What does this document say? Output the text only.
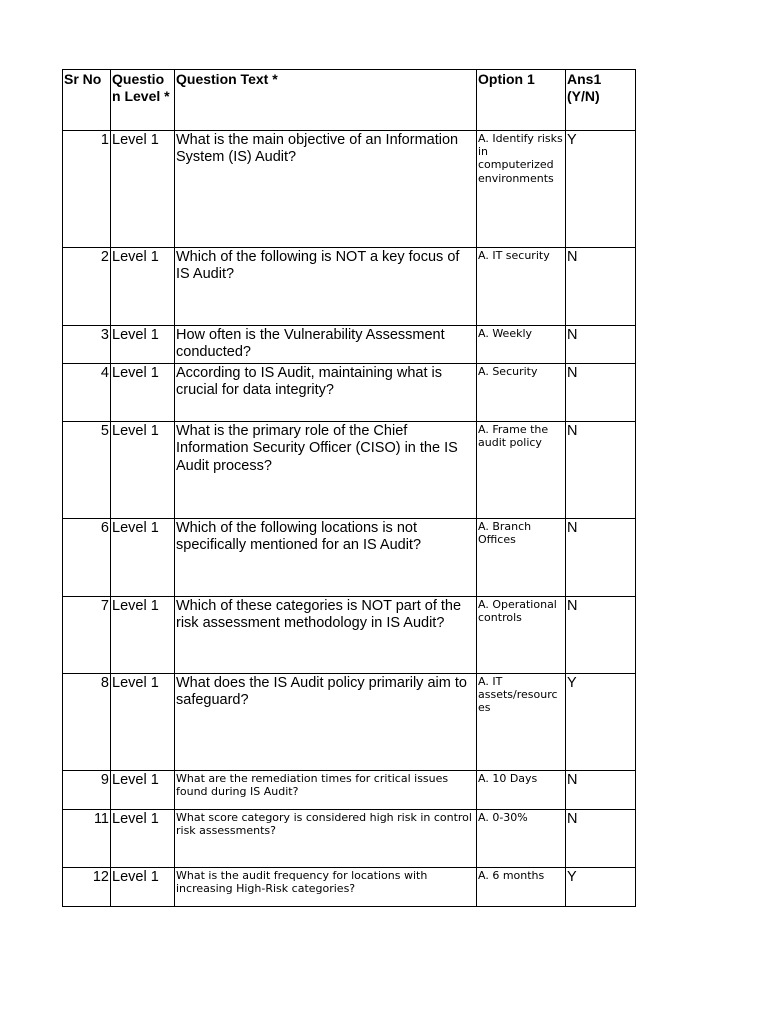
Sr No	Questio n Level *	Question Text *	Option 1	Ans1 (Y/N)
1	Level 1	What is the main objective of an Information System (IS) Audit?	A. Identify risks in computerized environments	Y
2	Level 1	Which of the following is NOT a key focus of IS Audit?	A. IT security	N
3	Level 1	How often is the Vulnerability Assessment conducted?	A. Weekly	N
4	Level 1	According to IS Audit, maintaining what is crucial for data integrity?	A. Security	N
5	Level 1	What is the primary role of the Chief Information Security Officer (CISO) in the IS Audit process?	A. Frame the audit policy	N
6	Level 1	Which of the following locations is not specifically mentioned for an IS Audit?	A. Branch Offices	N
7	Level 1	Which of these categories is NOT part of the risk assessment methodology in IS Audit?	A. Operational controls	N
8	Level 1	What does the IS Audit policy primarily aim to safeguard?	A. IT assets/resourc es	Y
9	Level 1	What are the remediation times for critical issues found during IS Audit?	A. 10 Days	N
11	Level 1	What score category is considered high risk in control risk assessments?	A. 0-30%	N
12	Level 1	What is the audit frequency for locations with increasing High-Risk categories?	A. 6 months	Y
